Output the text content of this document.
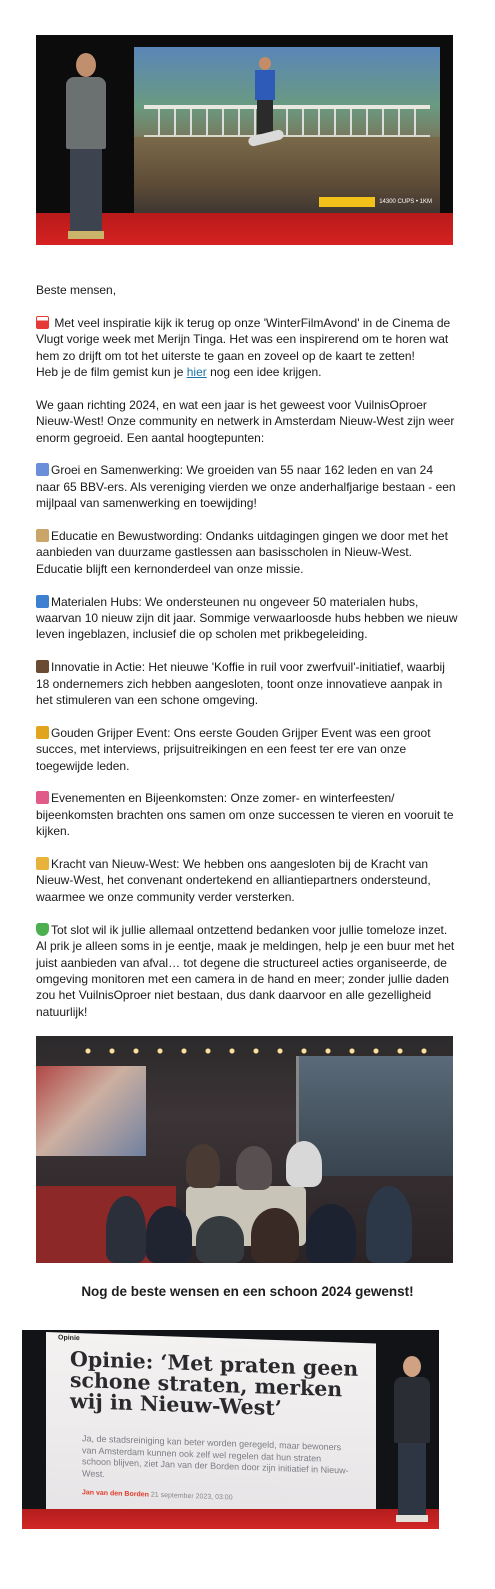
14300 CUPS • 1KM

Beste mensen,

Met veel inspiratie kijk ik terug op onze 'WinterFilmAvond' in de Cinema de Vlugt vorige week met Merijn Tinga. Het was een inspirerend om te horen wat hem zo drijft om tot het uiterste te gaan en zoveel op de kaart te zetten!
Heb je de film gemist kun je hier nog een idee krijgen.

We gaan richting 2024, en wat een jaar is het geweest voor VuilnisOproer Nieuw-West! Onze community en netwerk in Amsterdam Nieuw-West zijn weer enorm gegroeid. Een aantal hoogtepunten:

Groei en Samenwerking: We groeiden van 55 naar 162 leden en van 24 naar 65 BBV-ers. Als vereniging vierden we onze anderhalfjarige bestaan - een mijlpaal van samenwerking en toewijding!

Educatie en Bewustwording: Ondanks uitdagingen gingen we door met het aanbieden van duurzame gastlessen aan basisscholen in Nieuw-West. Educatie blijft een kernonderdeel van onze missie.

Materialen Hubs: We ondersteunen nu ongeveer 50 materialen hubs, waarvan 10 nieuw zijn dit jaar. Sommige verwaarloosde hubs hebben we nieuw leven ingeblazen, inclusief die op scholen met prikbegeleiding.

Innovatie in Actie: Het nieuwe 'Koffie in ruil voor zwerfvuil'-initiatief, waarbij 18 ondernemers zich hebben aangesloten, toont onze innovatieve aanpak in het stimuleren van een schone omgeving.

Gouden Grijper Event: Ons eerste Gouden Grijper Event was een groot succes, met interviews, prijsuitreikingen en een feest ter ere van onze toegewijde leden.

Evenementen en Bijeenkomsten: Onze zomer- en winterfeesten/ bijeenkomsten brachten ons samen om onze successen te vieren en vooruit te kijken.

Kracht van Nieuw-West: We hebben ons aangesloten bij de Kracht van Nieuw-West, het convenant ondertekend en alliantiepartners ondersteund, waarmee we onze community verder versterken.

Tot slot wil ik jullie allemaal ontzettend bedanken voor jullie tomeloze inzet. Al prik je alleen soms in je eentje, maak je meldingen, help je een buur met het juist aanbieden van afval… tot degene die structureel acties organiseerde, de omgeving monitoren met een camera in de hand en meer; zonder jullie daden zou het VuilnisOproer niet bestaan, dus dank daarvoor en alle gezelligheid natuurlijk!

Nog de beste wensen en een schoon 2024 gewenst!
Opinie
Opinie: ‘Met praten geen schone straten, merken wij in Nieuw-West’
Ja, de stadsreiniging kan beter worden geregeld, maar bewoners van Amsterdam kunnen ook zelf wel regelen dat hun straten schoon blijven, ziet Jan van der Borden door zijn initiatief in Nieuw-West.
Jan van den Borden 21 september 2023, 03:00
